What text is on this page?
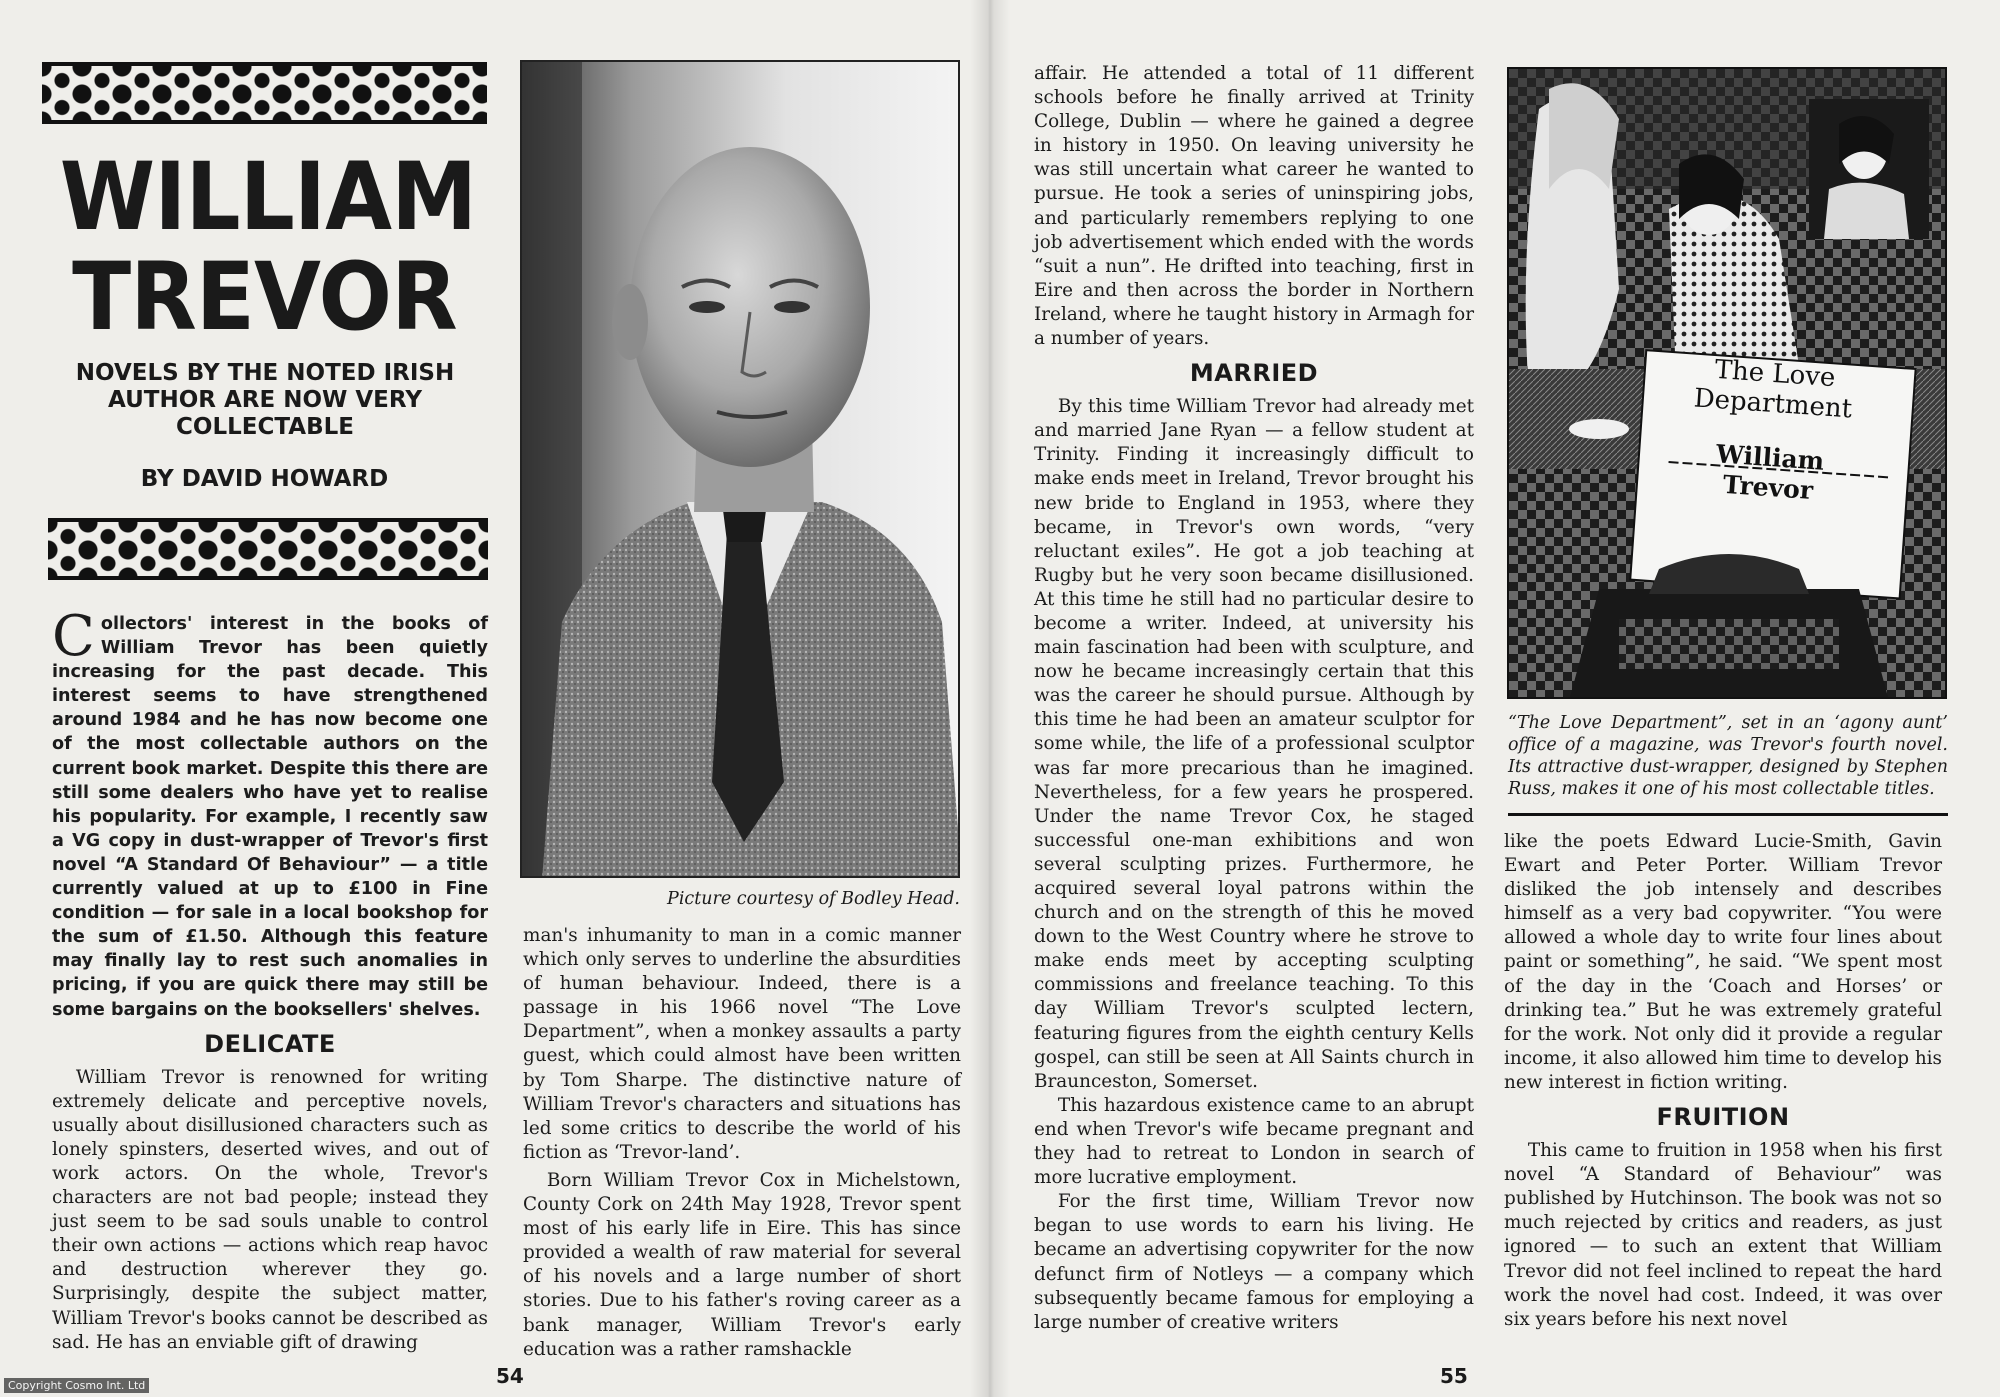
WILLIAM
TREVOR
NOVELS BY THE NOTED IRISH AUTHOR ARE NOW VERY COLLECTABLE
BY DAVID HOWARD

Collectors' interest in the books of William Trevor has been quietly increasing for the past decade. This interest seems to have strengthened around 1984 and he has now become one of the most collectable authors on the current book market. Despite this there are still some dealers who have yet to realise his popularity. For example, I recently saw a VG copy in dust-wrapper of Trevor's first novel “A Standard Of Behaviour” — a title currently valued at up to £100 in Fine condition — for sale in a local bookshop for the sum of £1.50. Although this feature may finally lay to rest such anomalies in pricing, if you are quick there may still be some bargains on the booksellers' shelves.

DELICATE

William Trevor is renowned for writing extremely delicate and perceptive novels, usually about disillusioned characters such as lonely spinsters, deserted wives, and out of work actors. On the whole, Trevor's characters are not bad people; instead they just seem to be sad souls unable to control their own actions — actions which reap havoc and destruction wherever they go. Surprisingly, despite the subject matter, William Trevor's books cannot be described as sad. He has an enviable gift of drawing

Picture courtesy of Bodley Head.

man's inhumanity to man in a comic manner which only serves to underline the absurdities of human behaviour. Indeed, there is a passage in his 1966 novel “The Love Department”, when a monkey assaults a party guest, which could almost have been written by Tom Sharpe. The distinctive nature of William Trevor's characters and situations has led some critics to describe the world of his fiction as ‘Trevor-land’.

Born William Trevor Cox in Michelstown, County Cork on 24th May 1928, Trevor spent most of his early life in Eire. This has since provided a wealth of raw material for several of his novels and a large number of short stories. Due to his father's roving career as a bank manager, William Trevor's early education was a rather ramshackle

54

affair. He attended a total of 11 different schools before he finally arrived at Trinity College, Dublin — where he gained a degree in history in 1950. On leaving university he was still uncertain what career he wanted to pursue. He took a series of uninspiring jobs, and particularly remembers replying to one job advertisement which ended with the words “suit a nun”. He drifted into teaching, first in Eire and then across the border in Northern Ireland, where he taught history in Armagh for a number of years.

MARRIED

By this time William Trevor had already met and married Jane Ryan — a fellow student at Trinity. Finding it increasingly difficult to make ends meet in Ireland, Trevor brought his new bride to England in 1953, where they became, in Trevor's own words, “very reluctant exiles”. He got a job teaching at Rugby but he very soon became disillusioned. At this time he still had no particular desire to become a writer. Indeed, at university his main fascination had been with sculpture, and now he became increasingly certain that this was the career he should pursue. Although by this time he had been an amateur sculptor for some while, the life of a professional sculptor was far more precarious than he imagined. Nevertheless, for a few years he prospered. Under the name Trevor Cox, he staged successful one-man exhibitions and won several sculpting prizes. Furthermore, he acquired several loyal patrons within the church and on the strength of this he moved down to the West Country where he strove to make ends meet by accepting sculpting commissions and freelance teaching. To this day William Trevor's sculpted lectern, featuring figures from the eighth century Kells gospel, can still be seen at All Saints church in Braunceston, Somerset.

This hazardous existence came to an abrupt end when Trevor's wife became pregnant and they had to retreat to London in search of more lucrative employment.

For the first time, William Trevor now began to use words to earn his living. He became an advertising copywriter for the now defunct firm of Notleys — a company which subsequently became famous for employing a large number of creative writers

The Love Department
William Trevor
“The Love Department”, set in an ‘agony aunt’ office of a magazine, was Trevor's fourth novel. Its attractive dust-wrapper, designed by Stephen Russ, makes it one of his most collectable titles.

like the poets Edward Lucie-Smith, Gavin Ewart and Peter Porter. William Trevor disliked the job intensely and describes himself as a very bad copywriter. “You were allowed a whole day to write four lines about paint or something”, he said. “We spent most of the day in the ‘Coach and Horses’ or drinking tea.” But he was extremely grateful for the work. Not only did it provide a regular income, it also allowed him time to develop his new interest in fiction writing.

FRUITION

This came to fruition in 1958 when his first novel “A Standard of Behaviour” was published by Hutchinson. The book was not so much rejected by critics and readers, as just ignored — to such an extent that William Trevor did not feel inclined to repeat the hard work the novel had cost. Indeed, it was over six years before his next novel

55
Copyright Cosmo Int. Ltd
